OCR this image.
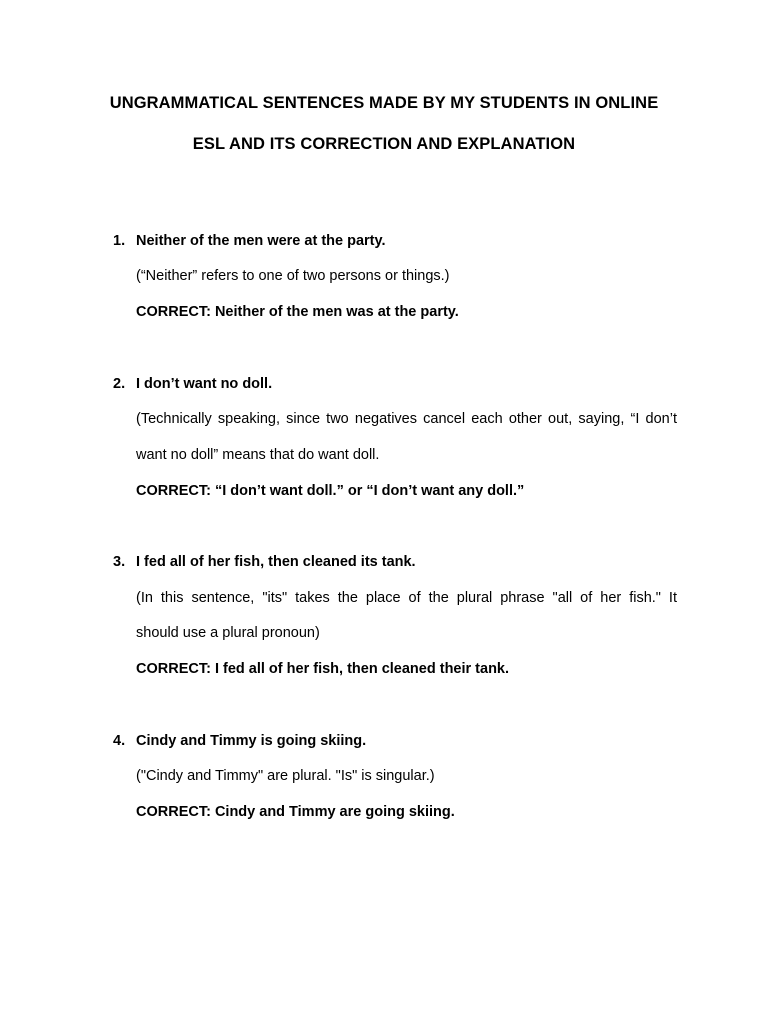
UNGRAMMATICAL SENTENCES MADE BY MY STUDENTS IN ONLINE
ESL AND ITS CORRECTION AND EXPLANATION
1. Neither of the men were at the party.
(“Neither” refers to one of two persons or things.)
CORRECT: Neither of the men was at the party.
2. I don’t want no doll.
(Technically speaking, since two negatives cancel each other out, saying, “I don’t
want no doll” means that do want doll.
CORRECT: “I don’t want doll.” or “I don’t want any doll.”
3. I fed all of her fish, then cleaned its tank.
(In this sentence, "its" takes the place of the plural phrase "all of her fish." It
should use a plural pronoun)
CORRECT: I fed all of her fish, then cleaned their tank.
4. Cindy and Timmy is going skiing.
("Cindy and Timmy" are plural. "Is" is singular.)
CORRECT: Cindy and Timmy are going skiing.
